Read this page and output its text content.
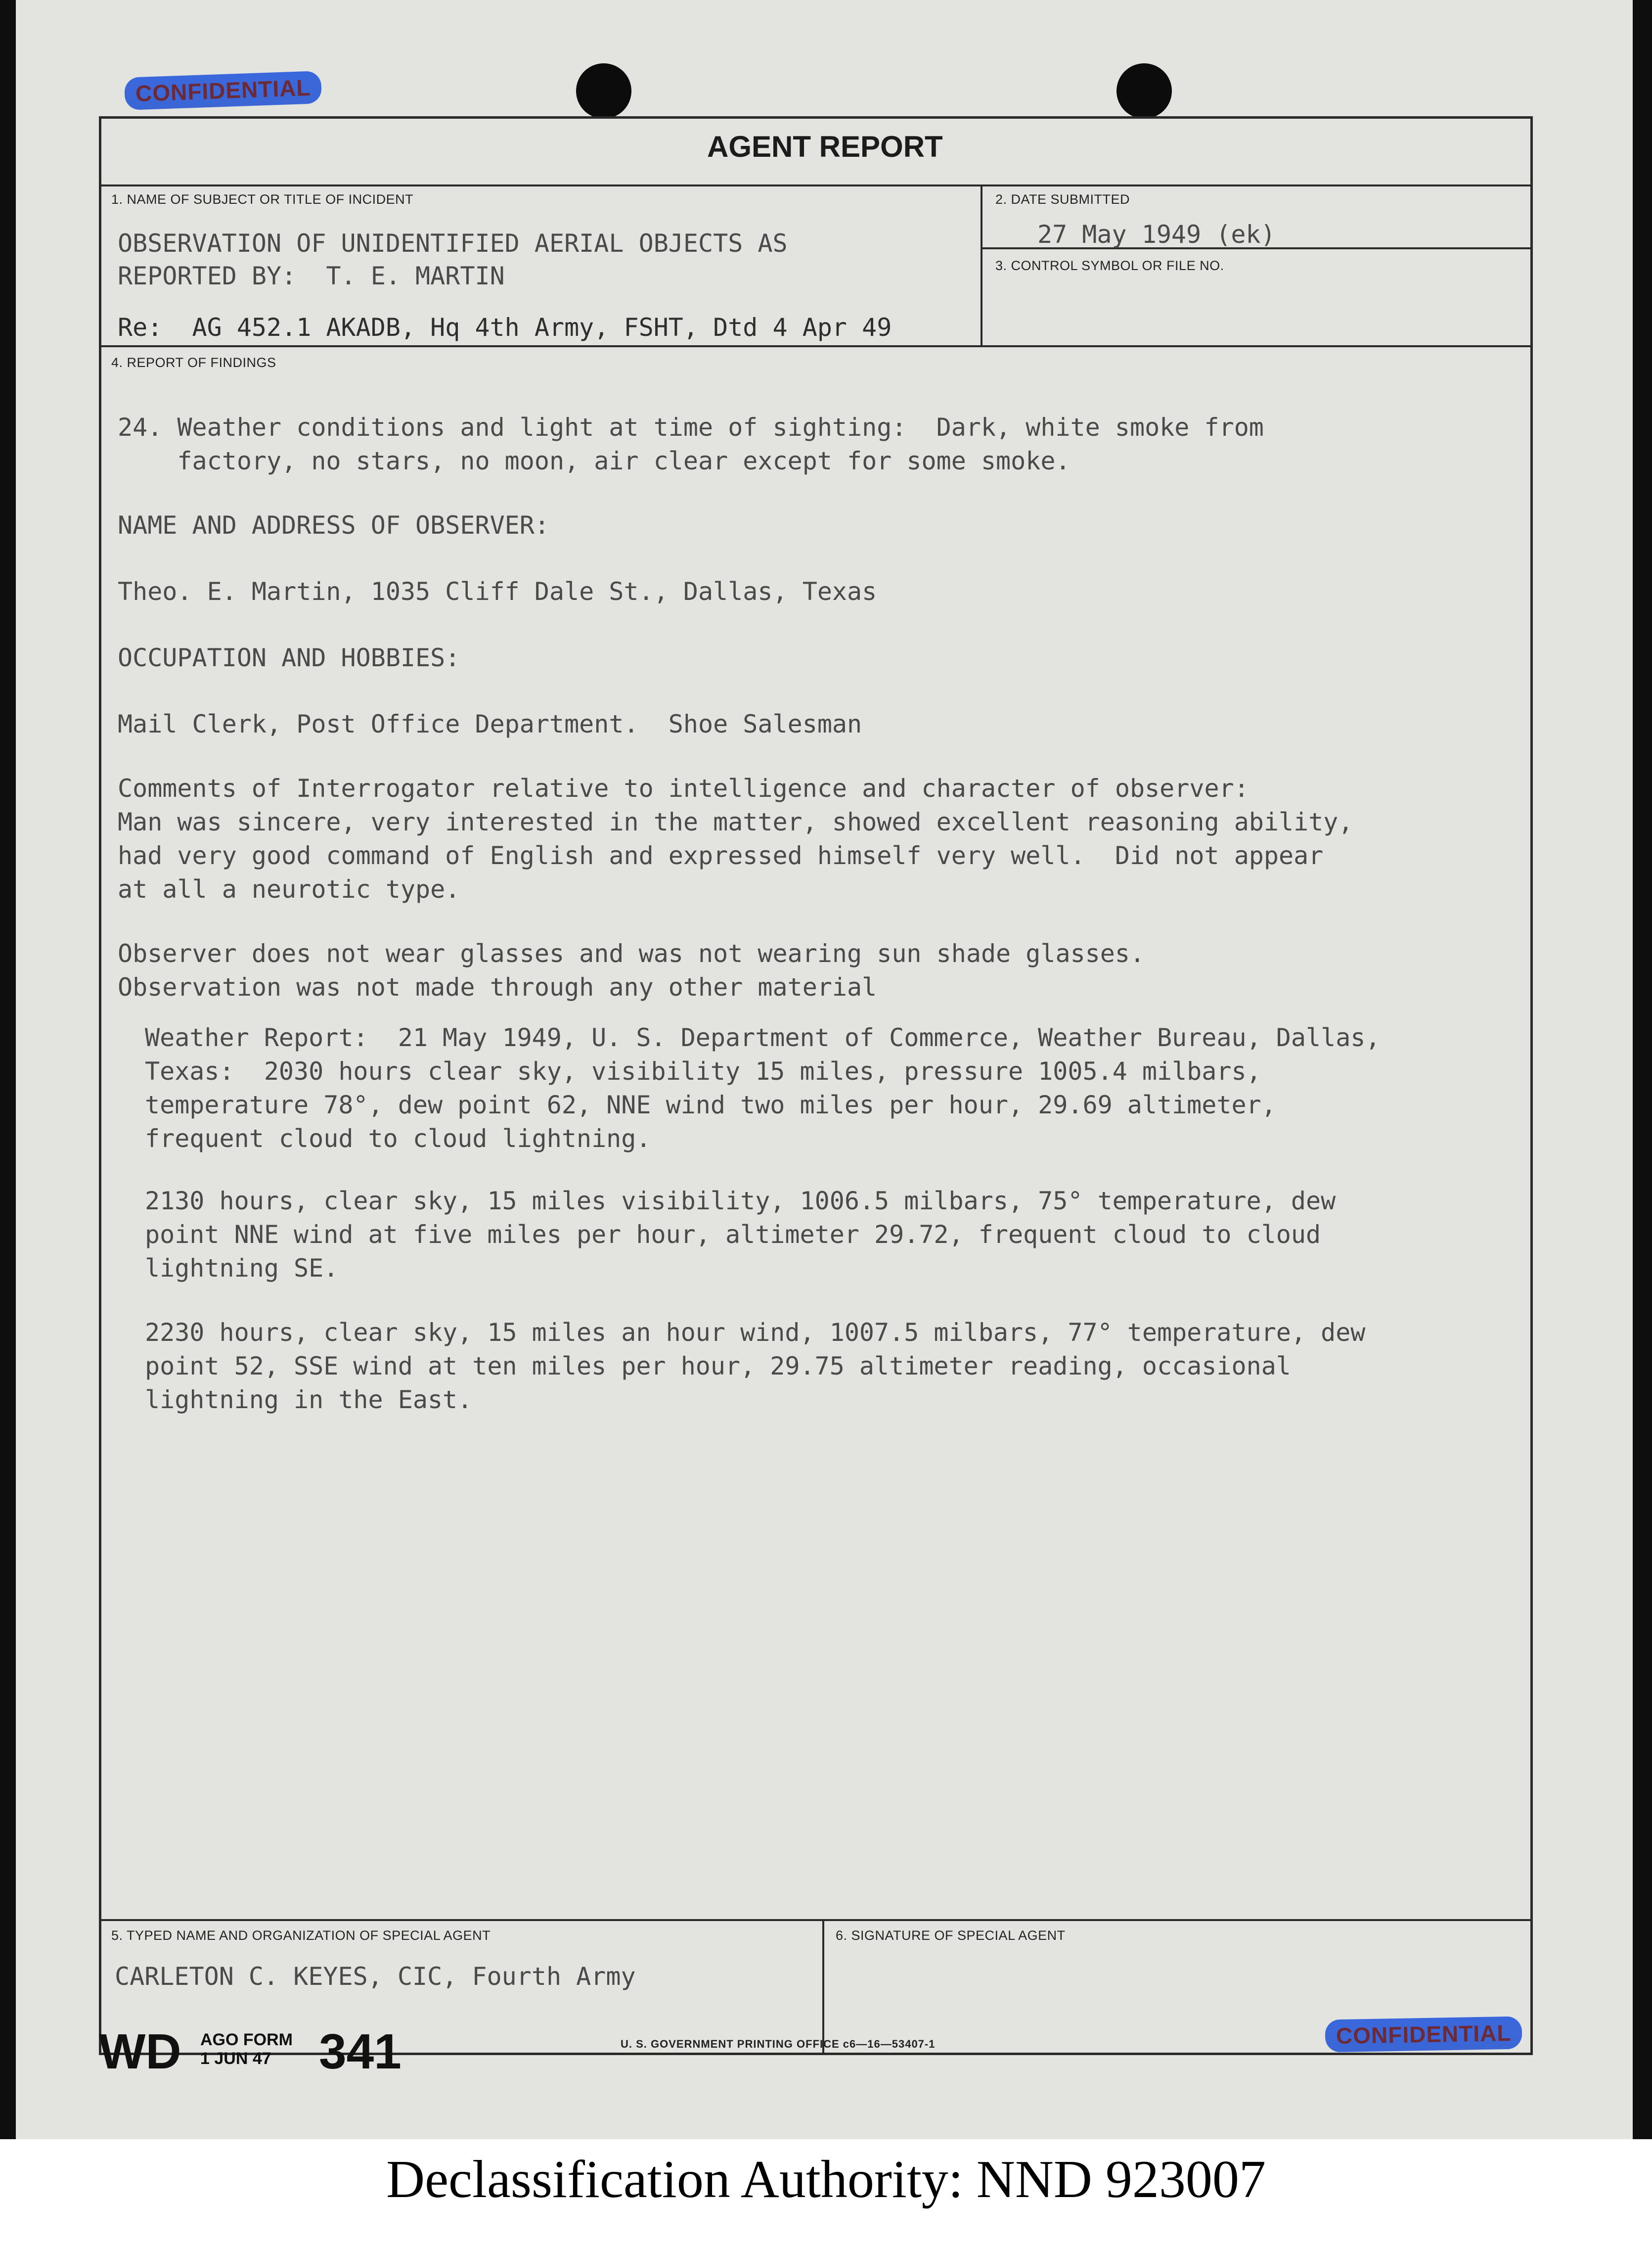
CONFIDENTIAL
AGENT REPORT
1. NAME OF SUBJECT OR TITLE OF INCIDENT
OBSERVATION OF UNIDENTIFIED AERIAL OBJECTS AS
REPORTED BY:  T. E. MARTIN
Re:  AG 452.1 AKADB, Hq 4th Army, FSHT, Dtd 4 Apr 49
2. DATE SUBMITTED
27 May 1949 (ek)
3. CONTROL SYMBOL OR FILE NO.
4. REPORT OF FINDINGS
24. Weather conditions and light at time of sighting:  Dark, white smoke from
factory, no stars, no moon, air clear except for some smoke.
NAME AND ADDRESS OF OBSERVER:
Theo. E. Martin, 1035 Cliff Dale St., Dallas, Texas
OCCUPATION AND HOBBIES:
Mail Clerk, Post Office Department.  Shoe Salesman
Comments of Interrogator relative to intelligence and character of observer:
Man was sincere, very interested in the matter, showed excellent reasoning ability,
had very good command of English and expressed himself very well.  Did not appear
at all a neurotic type.
Observer does not wear glasses and was not wearing sun shade glasses.
Observation was not made through any other material
Weather Report:  21 May 1949, U. S. Department of Commerce, Weather Bureau, Dallas,
Texas:  2030 hours clear sky, visibility 15 miles, pressure 1005.4 milbars,
temperature 78°, dew point 62, NNE wind two miles per hour, 29.69 altimeter,
frequent cloud to cloud lightning.
2130 hours, clear sky, 15 miles visibility, 1006.5 milbars, 75° temperature, dew
point NNE wind at five miles per hour, altimeter 29.72, frequent cloud to cloud
lightning SE.
2230 hours, clear sky, 15 miles an hour wind, 1007.5 milbars, 77° temperature, dew
point 52, SSE wind at ten miles per hour, 29.75 altimeter reading, occasional
lightning in the East.
5. TYPED NAME AND ORGANIZATION OF SPECIAL AGENT
CARLETON C. KEYES, CIC, Fourth Army
6. SIGNATURE OF SPECIAL AGENT
WD AGO FORM
1 JUN 47 341	U. S. GOVERNMENT PRINTING OFFICE c6—16—53407-1	CONFIDENTIAL
Declassification Authority: NND 923007
